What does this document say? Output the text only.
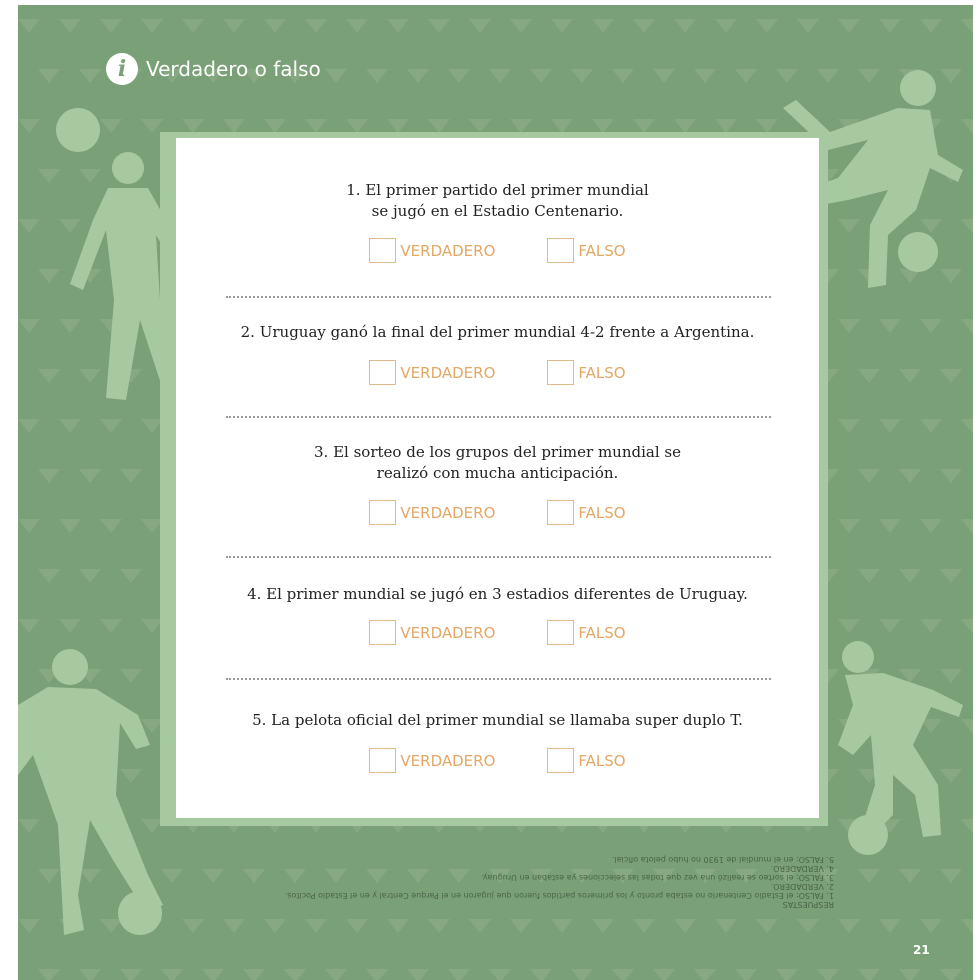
i Verdadero o falso
1. El primer partido del primer mundial se jugó en el Estadio Centenario.
VERDADERO	FALSO
2. Uruguay ganó la final del primer mundial 4-2 frente a Argentina.
VERDADERO	FALSO
3. El sorteo de los grupos del primer mundial se realizó con mucha anticipación.
VERDADERO	FALSO
4. El primer mundial se jugó en 3 estadios diferentes de Uruguay.
VERDADERO	FALSO
5. La pelota oficial del primer mundial se llamaba super duplo T.
VERDADERO	FALSO
RESPUESTAS
1. FALSO: el Estadio Centenario no estaba pronto y los primeros partidos fueron que jugaron en el Parque Central y en el Estadio Pocitos.
2. VERDADERO.
3. FALSO: el sorteo se realizó una vez que todas las selecciones ya estaban en Uruguay.
4. VERDADERO.
5. FALSO: en el mundial de 1930 no hubo pelota oficial.
21
